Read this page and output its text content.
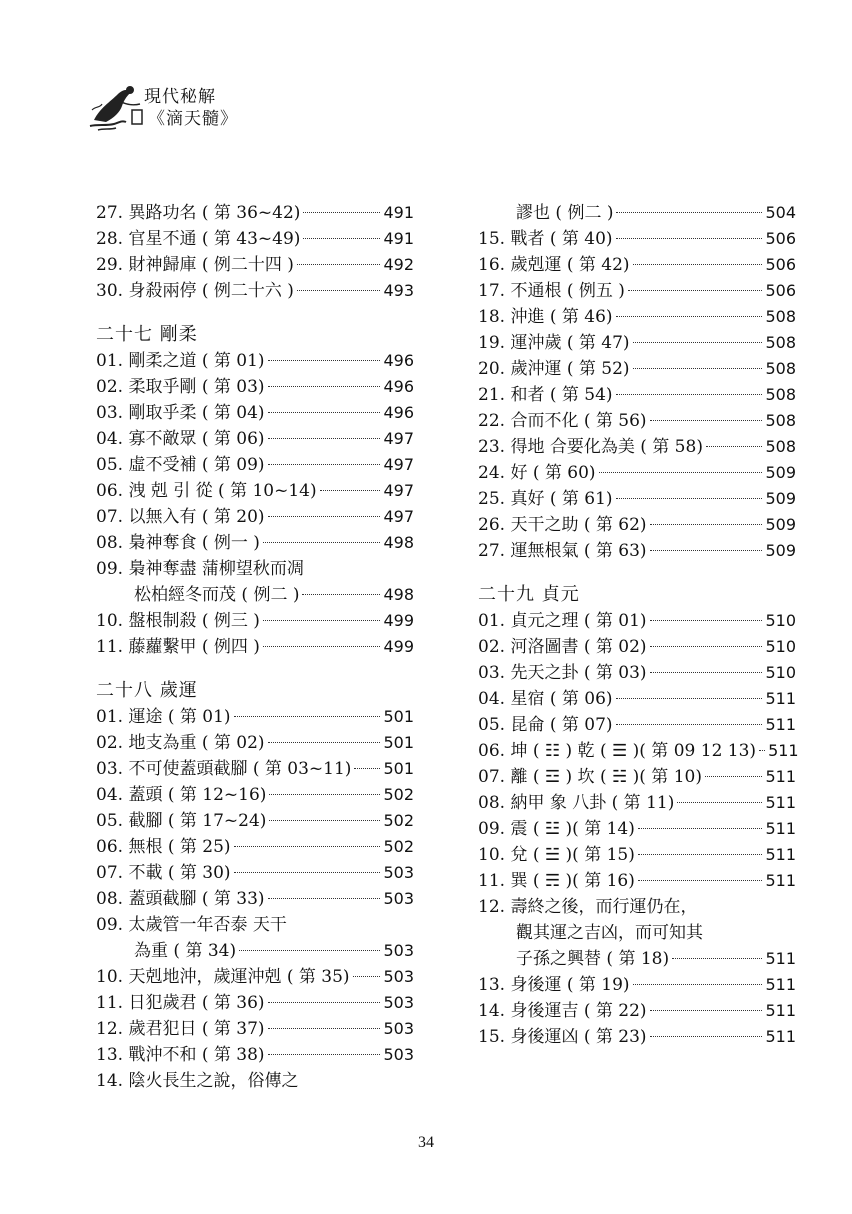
現代秘解
《滴天髓》
27. 異路功名 ( 第 36~42)	491
28. 官星不通 ( 第 43~49)	491
29. 財神歸庫 ( 例二十四 )	492
30. 身殺兩停 ( 例二十六 )	493
二十七 剛柔
01. 剛柔之道 ( 第 01)	496
02. 柔取乎剛 ( 第 03)	496
03. 剛取乎柔 ( 第 04)	496
04. 寡不敵眾 ( 第 06)	497
05. 虛不受補 ( 第 09)	497
06. 洩 剋 引 從 ( 第 10~14)	497
07. 以無入有 ( 第 20)	497
08. 梟神奪食 ( 例一 )	498
09. 梟神奪盡 蒲柳望秋而凋
松柏經冬而茂 ( 例二 )	498
10. 盤根制殺 ( 例三 )	499
11. 藤蘿繫甲 ( 例四 )	499
二十八 歲運
01. 運途 ( 第 01)	501
02. 地支為重 ( 第 02)	501
03. 不可使蓋頭截腳 ( 第 03~11) 501
04. 蓋頭 ( 第 12~16)	502
05. 截腳 ( 第 17~24)	502
06. 無根 ( 第 25)	502
07. 不載 ( 第 30)	503
08. 蓋頭截腳 ( 第 33)	503
09. 太歲管一年否泰 天干
為重 ( 第 34)	503
10. 天剋地沖，歲運沖剋 ( 第 35) 503
11. 日犯歲君 ( 第 36)	503
12. 歲君犯日 ( 第 37)	503
13. 戰沖不和 ( 第 38)	503
14. 陰火長生之說，俗傳之
謬也 ( 例二 )	504
15. 戰者 ( 第 40)	506
16. 歲剋運 ( 第 42)	506
17. 不通根 ( 例五 )	506
18. 沖進 ( 第 46)	508
19. 運沖歲 ( 第 47)	508
20. 歲沖運 ( 第 52)	508
21. 和者 ( 第 54)	508
22. 合而不化 ( 第 56)	508
23. 得地 合要化為美 ( 第 58)	508
24. 好 ( 第 60)	509
25. 真好 ( 第 61)	509
26. 天干之助 ( 第 62)	509
27. 運無根氣 ( 第 63)	509
二十九 貞元
01. 貞元之理 ( 第 01)	510
02. 河洛圖書 ( 第 02)	510
03. 先天之卦 ( 第 03)	510
04. 星宿 ( 第 06)	511
05. 昆侖 ( 第 07)	511
06. 坤 ( ☷ ) 乾 ( ☰ )( 第 09 12 13) 511
07. 離 ( ☲ ) 坎 ( ☵ )( 第 10)	511
08. 納甲 象 八卦 ( 第 11)	511
09. 震 ( ☳ )( 第 14)	511
10. 兌 ( ☱ )( 第 15)	511
11. 巽 ( ☴ )( 第 16)	511
12. 壽終之後，而行運仍在，
觀其運之吉凶，而可知其
子孫之興替 ( 第 18)	511
13. 身後運 ( 第 19)	511
14. 身後運吉 ( 第 22)	511
15. 身後運凶 ( 第 23)	511
34
